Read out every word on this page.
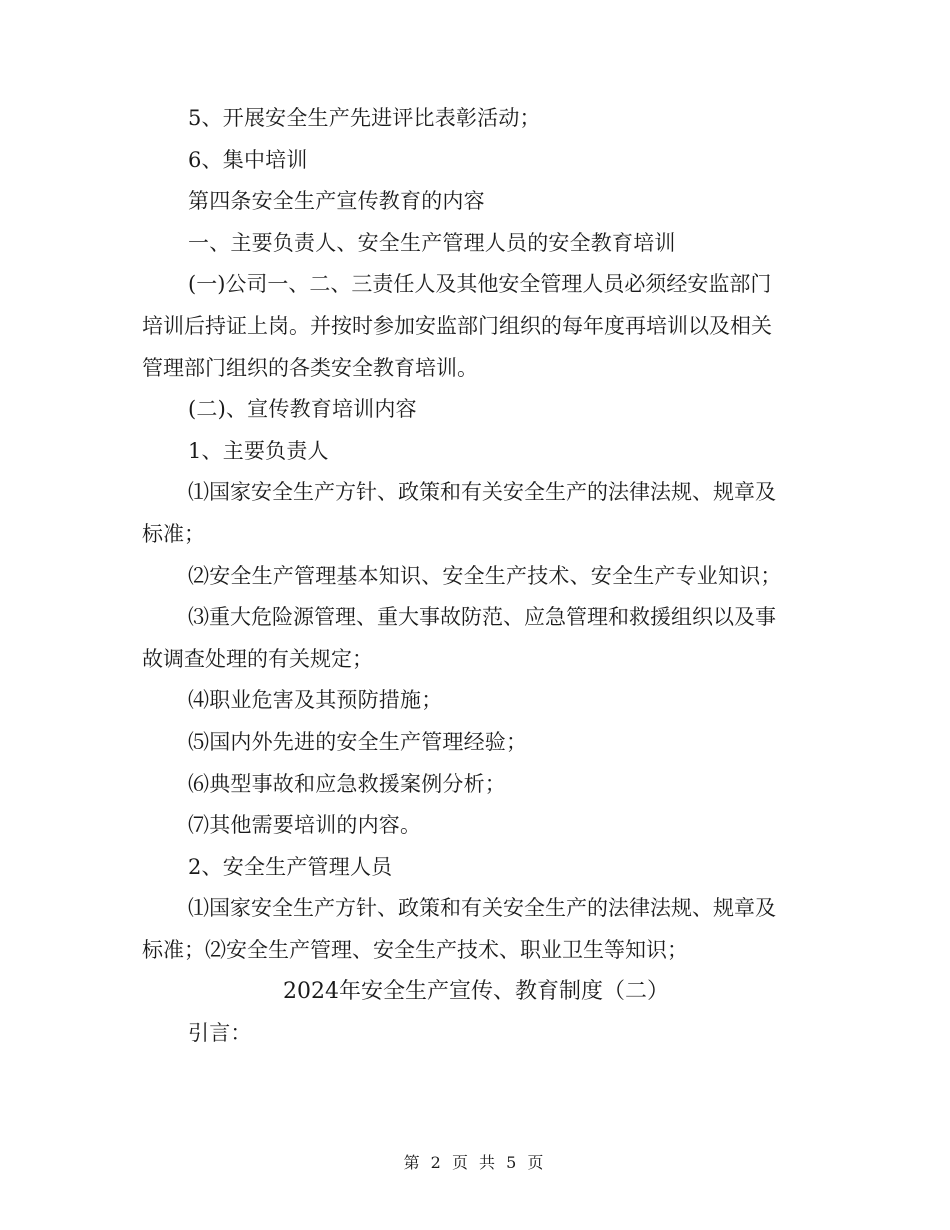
5、开展安全生产先进评比表彰活动；

6、集中培训

第四条安全生产宣传教育的内容

一、主要负责人、安全生产管理人员的安全教育培训

(一)公司一、二、三责任人及其他安全管理人员必须经安监部门
培训后持证上岗。并按时参加安监部门组织的每年度再培训以及相关
管理部门组织的各类安全教育培训。

(二)、宣传教育培训内容

1、主要负责人

⑴国家安全生产方针、政策和有关安全生产的法律法规、规章及
标准；

⑵安全生产管理基本知识、安全生产技术、安全生产专业知识；

⑶重大危险源管理、重大事故防范、应急管理和救援组织以及事
故调查处理的有关规定；

⑷职业危害及其预防措施；

⑸国内外先进的安全生产管理经验；

⑹典型事故和应急救援案例分析；

⑺其他需要培训的内容。

2、安全生产管理人员

⑴国家安全生产方针、政策和有关安全生产的法律法规、规章及
标准；⑵安全生产管理、安全生产技术、职业卫生等知识；

2024年安全生产宣传、教育制度（二）

引言：

第 2 页 共 5 页
